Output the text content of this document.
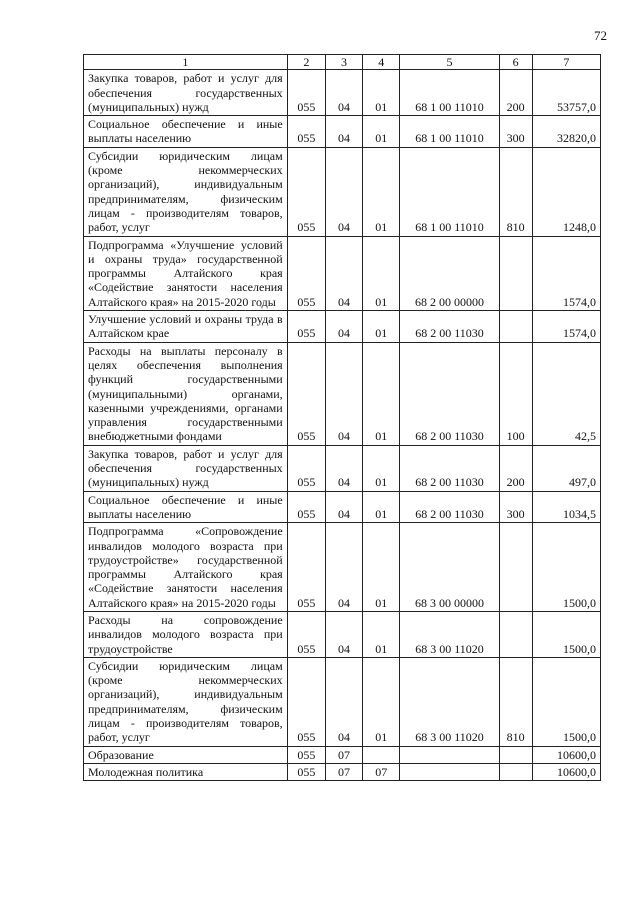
72
1	2	3	4	5	6	7
Закупка товаров, работ и услуг для обеспечения государственных (муниципальных) нужд	055	04	01	68 1 00 11010	200	53757,0
Социальное обеспечение и иные выплаты населению	055	04	01	68 1 00 11010	300	32820,0
Субсидии юридическим лицам (кроме некоммерческих организаций), индивидуальным предпринимателям, физическим лицам - производителям товаров, работ, услуг	055	04	01	68 1 00 11010	810	1248,0
Подпрограмма «Улучшение условий и охраны труда» государственной программы Алтайского края «Содействие занятости населения Алтайского края» на 2015-2020 годы	055	04	01	68 2 00 00000		1574,0
Улучшение условий и охраны труда в Алтайском крае	055	04	01	68 2 00 11030		1574,0
Расходы на выплаты персоналу в целях обеспечения выполнения функций государственными (муниципальными) органами, казенными учреждениями, органами управления государственными внебюджетными фондами	055	04	01	68 2 00 11030	100	42,5
Закупка товаров, работ и услуг для обеспечения государственных (муниципальных) нужд	055	04	01	68 2 00 11030	200	497,0
Социальное обеспечение и иные выплаты населению	055	04	01	68 2 00 11030	300	1034,5
Подпрограмма «Сопровождение инвалидов молодого возраста при трудоустройстве» государственной программы Алтайского края «Содействие занятости населения Алтайского края» на 2015-2020 годы	055	04	01	68 3 00 00000		1500,0
Расходы на сопровождение инвалидов молодого возраста при трудоустройстве	055	04	01	68 3 00 11020		1500,0
Субсидии юридическим лицам (кроме некоммерческих организаций), индивидуальным предпринимателям, физическим лицам - производителям товаров, работ, услуг	055	04	01	68 3 00 11020	810	1500,0
Образование	055	07				10600,0
Молодежная политика	055	07	07			10600,0
